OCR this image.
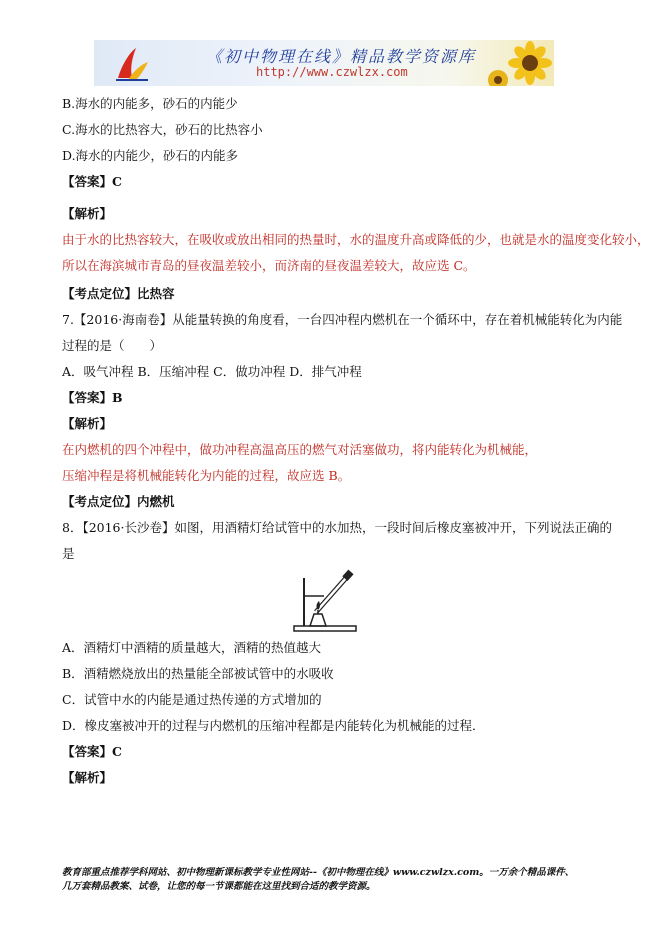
《初中物理在线》精品教学资源库
http://www.czwlzx.com
B.海水的内能多，砂石的内能少
C.海水的比热容大，砂石的比热容小
D.海水的内能少，砂石的内能多
【答案】C
【解析】
由于水的比热容较大，在吸收或放出相同的热量时，水的温度升高或降低的少，也就是水的温度变化较小，
所以在海滨城市青岛的昼夜温差较小，而济南的昼夜温差较大，故应选 C。
【考点定位】比热容
7.【2016·海南卷】从能量转换的角度看，一台四冲程内燃机在一个循环中，存在着机械能转化为内能
过程的是（　　）
A．吸气冲程 B．压缩冲程 C．做功冲程 D．排气冲程
【答案】B
【解析】
在内燃机的四个冲程中，做功冲程高温高压的燃气对活塞做功，将内能转化为机械能，
压缩冲程是将机械能转化为内能的过程，故应选 B。
【考点定位】内燃机
8．【2016·长沙卷】如图，用酒精灯给试管中的水加热，一段时间后橡皮塞被冲开，下列说法正确的
是
A．酒精灯中酒精的质量越大，酒精的热值越大
B．酒精燃烧放出的热量能全部被试管中的水吸收
C．试管中水的内能是通过热传递的方式增加的
D．橡皮塞被冲开的过程与内燃机的压缩冲程都是内能转化为机械能的过程．
【答案】C
【解析】
教育部重点推荐学科网站、初中物理新课标教学专业性网站--《初中物理在线》www.czwlzx.com。一万余个精品课件、
几万套精品教案、试卷，让您的每一节课都能在这里找到合适的教学资源。
